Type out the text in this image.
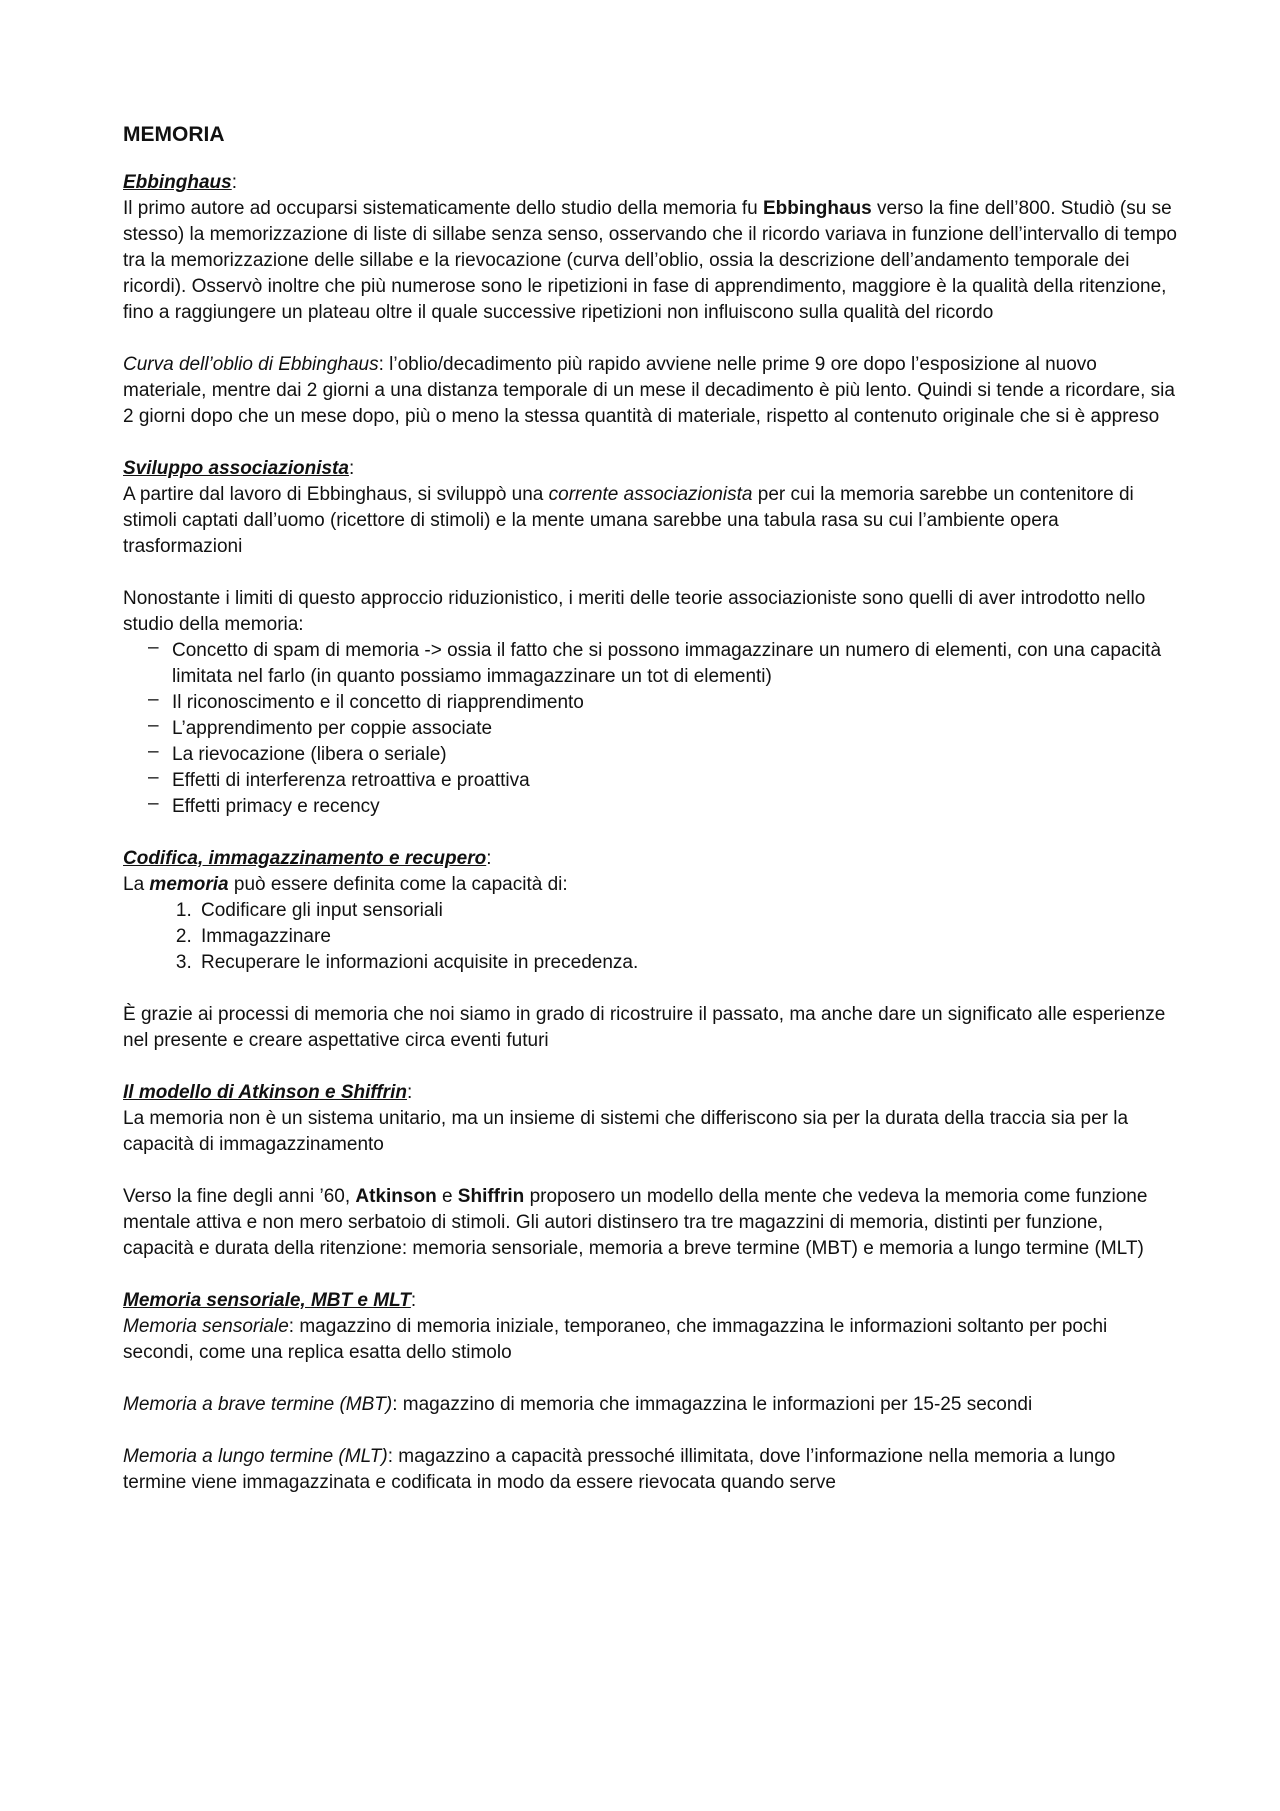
MEMORIA
Ebbinghaus:

Il primo autore ad occuparsi sistematicamente dello studio della memoria fu Ebbinghaus verso la fine dell’800. Studiò (su se stesso) la memorizzazione di liste di sillabe senza senso, osservando che il ricordo variava in funzione dell’intervallo di tempo tra la memorizzazione delle sillabe e la rievocazione (curva dell’oblio, ossia la descrizione dell’andamento temporale dei ricordi). Osservò inoltre che più numerose sono le ripetizioni in fase di apprendimento, maggiore è la qualità della ritenzione, fino a raggiungere un plateau oltre il quale successive ripetizioni non influiscono sulla qualità del ricordo

Curva dell’oblio di Ebbinghaus: l’oblio/decadimento più rapido avviene nelle prime 9 ore dopo l’esposizione al nuovo materiale, mentre dai 2 giorni a una distanza temporale di un mese il decadimento è più lento. Quindi si tende a ricordare, sia 2 giorni dopo che un mese dopo, più o meno la stessa quantità di materiale, rispetto al contenuto originale che si è appreso

Sviluppo associazionista:

A partire dal lavoro di Ebbinghaus, si sviluppò una corrente associazionista per cui la memoria sarebbe un contenitore di stimoli captati dall’uomo (ricettore di stimoli) e la mente umana sarebbe una tabula rasa su cui l’ambiente opera trasformazioni

Nonostante i limiti di questo approccio riduzionistico, i meriti delle teorie associazioniste sono quelli di aver introdotto nello studio della memoria:

‒ Concetto di spam di memoria -> ossia il fatto che si possono immagazzinare un numero di elementi, con una capacità limitata nel farlo (in quanto possiamo immagazzinare un tot di elementi)
‒ Il riconoscimento e il concetto di riapprendimento
‒ L’apprendimento per coppie associate
‒ La rievocazione (libera o seriale)
‒ Effetti di interferenza retroattiva e proattiva
‒ Effetti primacy e recency
Codifica, immagazzinamento e recupero:

La memoria può essere definita come la capacità di:

1. Codificare gli input sensoriali
2. Immagazzinare
3. Recuperare le informazioni acquisite in precedenza.

È grazie ai processi di memoria che noi siamo in grado di ricostruire il passato, ma anche dare un significato alle esperienze nel presente e creare aspettative circa eventi futuri

Il modello di Atkinson e Shiffrin:

La memoria non è un sistema unitario, ma un insieme di sistemi che differiscono sia per la durata della traccia sia per la capacità di immagazzinamento

Verso la fine degli anni ’60, Atkinson e Shiffrin proposero un modello della mente che vedeva la memoria come funzione mentale attiva e non mero serbatoio di stimoli. Gli autori distinsero tra tre magazzini di memoria, distinti per funzione, capacità e durata della ritenzione: memoria sensoriale, memoria a breve termine (MBT) e memoria a lungo termine (MLT)

Memoria sensoriale, MBT e MLT:

Memoria sensoriale: magazzino di memoria iniziale, temporaneo, che immagazzina le informazioni soltanto per pochi secondi, come una replica esatta dello stimolo

Memoria a brave termine (MBT): magazzino di memoria che immagazzina le informazioni per 15-25 secondi

Memoria a lungo termine (MLT): magazzino a capacità pressoché illimitata, dove l’informazione nella memoria a lungo termine viene immagazzinata e codificata in modo da essere rievocata quando serve
